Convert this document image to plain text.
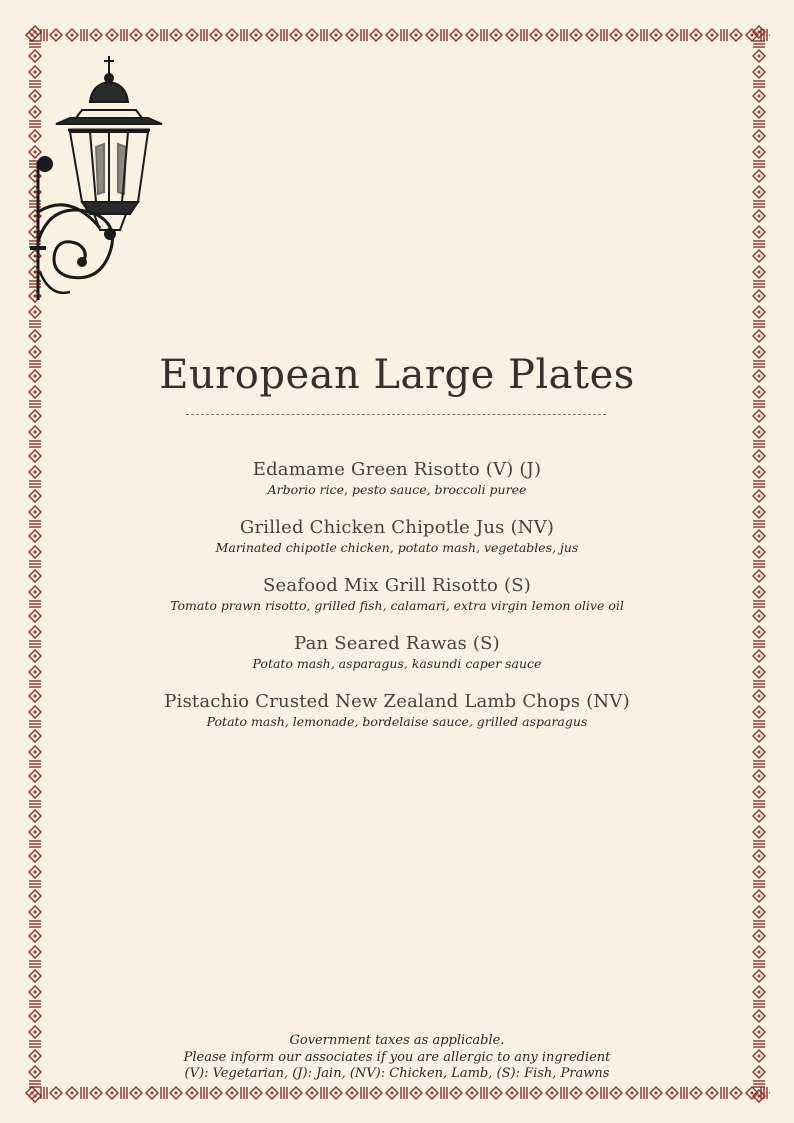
European Large Plates
Edamame Green Risotto (V) (J)
Arborio rice, pesto sauce, broccoli puree
Grilled Chicken Chipotle Jus (NV)
Marinated chipotle chicken, potato mash, vegetables, jus
Seafood Mix Grill Risotto (S)
Tomato prawn risotto, grilled fish, calamari, extra virgin lemon olive oil
Pan Seared Rawas (S)
Potato mash, asparagus, kasundi caper sauce
Pistachio Crusted New Zealand Lamb Chops (NV)
Potato mash, lemonade, bordelaise sauce, grilled asparagus
Government taxes as applicable.
Please inform our associates if you are allergic to any ingredient
(V): Vegetarian, (J): Jain, (NV): Chicken, Lamb, (S): Fish, Prawns
